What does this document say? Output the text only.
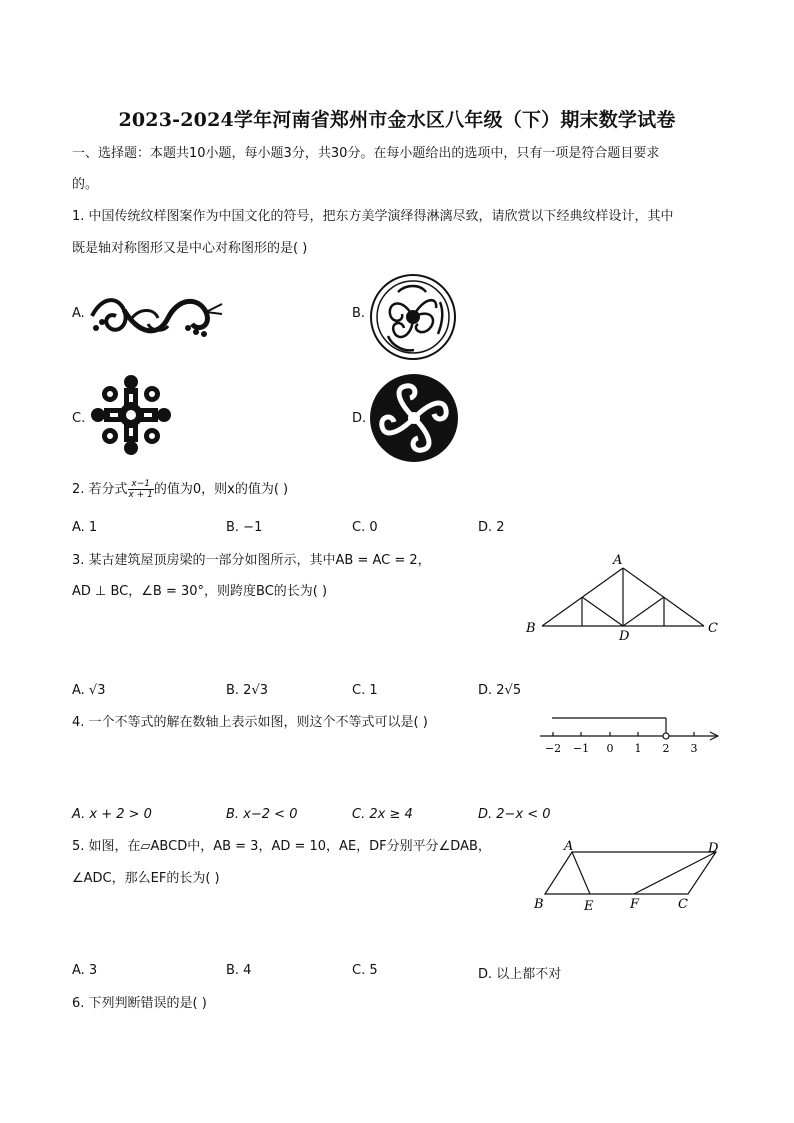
2023-2024学年河南省郑州市金水区八年级（下）期末数学试卷
一、选择题：本题共10小题，每小题3分，共30分。在每小题给出的选项中，只有一项是符合题目要求
的。
1. 中国传统纹样图案作为中国文化的符号，把东方美学演绎得淋漓尽致，请欣赏以下经典纹样设计，其中
既是轴对称图形又是中心对称图形的是( )
A.	B.
C.	D.
2. 若分式 $\frac{x-1}{x + 1}$ 的值为0，则x的值为( )
A. 1	B. −1	C. 0	D. 2
3. 某古建筑屋顶房梁的一部分如图所示，其中AB = AC = 2，
AD ⊥ BC，∠B = 30°，则跨度BC的长为( )
A
B	C
D
A. √3	B. 2√3	C. 1	D. 2√5
4. 一个不等式的解在数轴上表示如图，则这个不等式可以是( )
−2 −1 0 1 2 3
A. x + 2 > 0	B. x−2 < 0	C. 2x ≥ 4	D. 2−x < 0
5. 如图，在▱ABCD中，AB = 3，AD = 10，AE，DF分别平分∠DAB，
∠ADC，那么EF的长为( )
A	D
B	E	F	C
A. 3	B. 4	C. 5	D. 以上都不对
6. 下列判断错误的是( )
